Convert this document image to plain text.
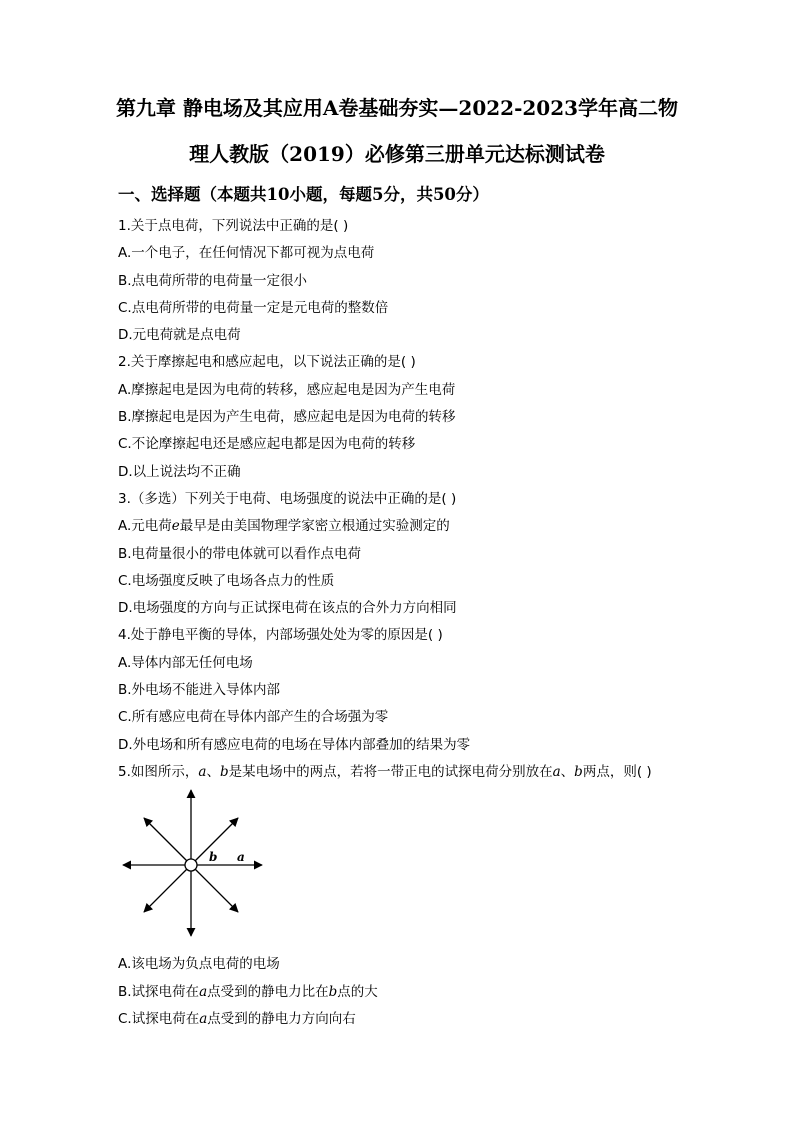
第九章 静电场及其应用A卷基础夯实—2022-2023学年高二物
理人教版（2019）必修第三册单元达标测试卷
一、选择题（本题共10小题，每题5分，共50分）
1.关于点电荷，下列说法中正确的是( )
A.一个电子，在任何情况下都可视为点电荷
B.点电荷所带的电荷量一定很小
C.点电荷所带的电荷量一定是元电荷的整数倍
D.元电荷就是点电荷
2.关于摩擦起电和感应起电，以下说法正确的是( )
A.摩擦起电是因为电荷的转移，感应起电是因为产生电荷
B.摩擦起电是因为产生电荷，感应起电是因为电荷的转移
C.不论摩擦起电还是感应起电都是因为电荷的转移
D.以上说法均不正确
3.（多选）下列关于电荷、电场强度的说法中正确的是( )
A.元电荷e最早是由美国物理学家密立根通过实验测定的
B.电荷量很小的带电体就可以看作点电荷
C.电场强度反映了电场各点力的性质
D.电场强度的方向与正试探电荷在该点的合外力方向相同
4.处于静电平衡的导体，内部场强处处为零的原因是( )
A.导体内部无任何电场
B.外电场不能进入导体内部
C.所有感应电荷在导体内部产生的合场强为零
D.外电场和所有感应电荷的电场在导体内部叠加的结果为零
5.如图所示，a、b是某电场中的两点，若将一带正电的试探电荷分别放在a、b两点，则( )
b a
A.该电场为负点电荷的电场
B.试探电荷在a点受到的静电力比在b点的大
C.试探电荷在a点受到的静电力方向向右
